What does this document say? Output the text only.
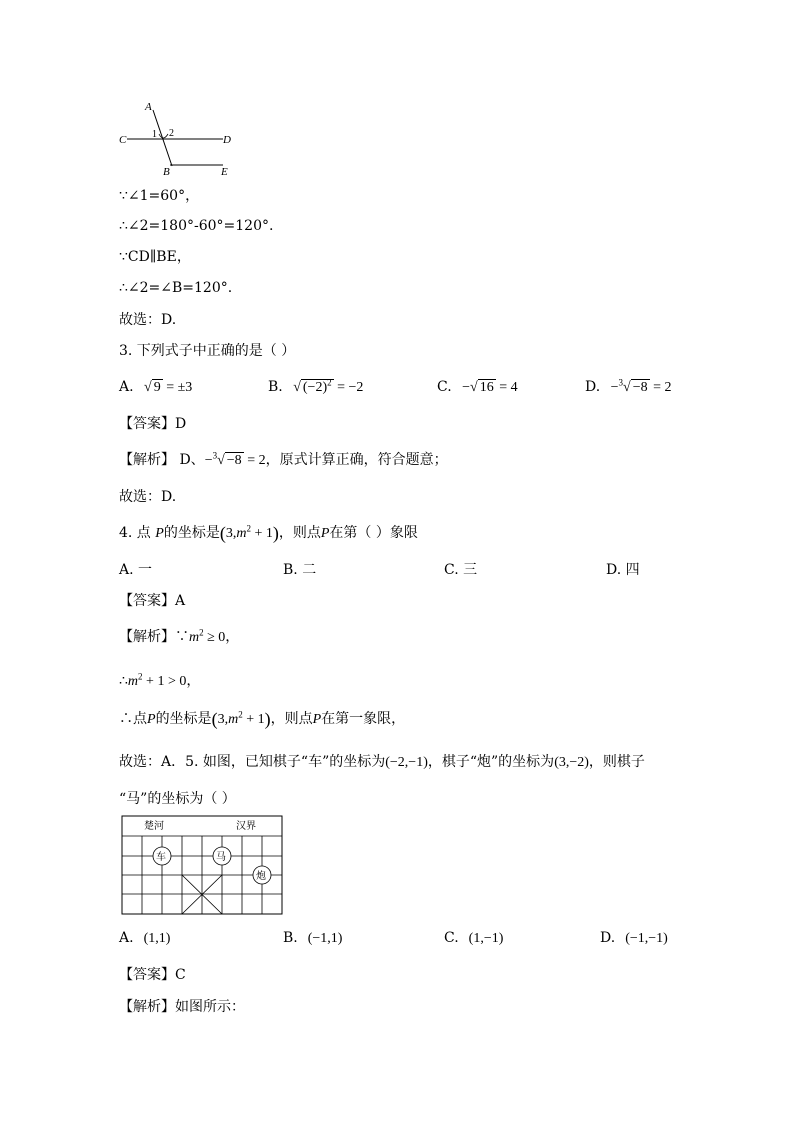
A
C	D
B	E
1 2
∵∠1=60°，
∴∠2=180°-60°=120°.
∵CD∥BE，
∴∠2=∠B=120°.
故选：D.
3. 下列式子中正确的是（ ）
A. √ 9 = ±3	B. √ $(-2)^2 = -2$	C. −√ 16 = 4	D. −$^3$√ −8 = 2
【答案】D
【解析】 D、−$^3$√ −8 = 2，原式计算正确，符合题意；
故选：D.
4. 点 P的坐标是$(3,m^2 + 1)$，则点P在第（ ）象限
A. 一	B. 二	C. 三	D. 四
【答案】A
【解析】$\because m^2 \ge 0$，
$\therefore m^2 + 1 > 0$，
∴点P的坐标是$(3,m^2 + 1)$，则点P在第一象限，
故选：A．5. 如图，已知棋子“车”的坐标为(−2,−1)，棋子“炮”的坐标为(3,−2)，则棋子
“马”的坐标为（ ）
楚河	汉界
车	马
炮
A. (1,1)	B. (−1,1)	C. (1,−1)	D. (−1,−1)
【答案】C
【解析】如图所示：
